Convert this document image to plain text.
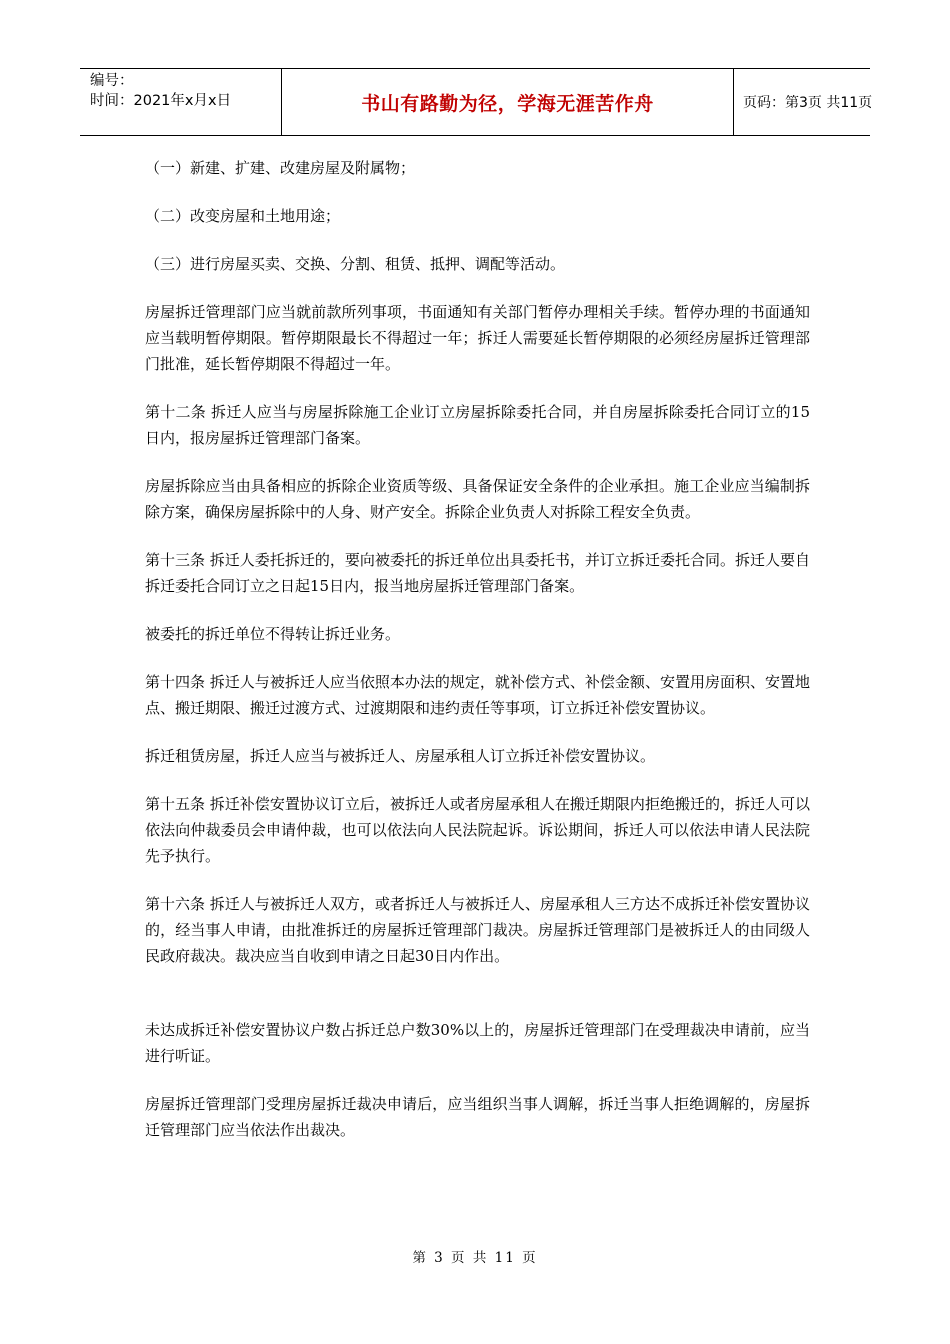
编号：
时间：2021年x月x日	书山有路勤为径，学海无涯苦作舟	页码：第3页 共11页

（一）新建、扩建、改建房屋及附属物；

（二）改变房屋和土地用途；

（三）进行房屋买卖、交换、分割、租赁、抵押、调配等活动。

房屋拆迁管理部门应当就前款所列事项，书面通知有关部门暂停办理相关手续。暂停办理的书面通知应当载明暂停期限。暂停期限最长不得超过一年；拆迁人需要延长暂停期限的必须经房屋拆迁管理部门批准，延长暂停期限不得超过一年。

第十二条 拆迁人应当与房屋拆除施工企业订立房屋拆除委托合同，并自房屋拆除委托合同订立的15日内，报房屋拆迁管理部门备案。

房屋拆除应当由具备相应的拆除企业资质等级、具备保证安全条件的企业承担。施工企业应当编制拆除方案，确保房屋拆除中的人身、财产安全。拆除企业负责人对拆除工程安全负责。

第十三条 拆迁人委托拆迁的，要向被委托的拆迁单位出具委托书，并订立拆迁委托合同。拆迁人要自拆迁委托合同订立之日起15日内，报当地房屋拆迁管理部门备案。

被委托的拆迁单位不得转让拆迁业务。

第十四条 拆迁人与被拆迁人应当依照本办法的规定，就补偿方式、补偿金额、安置用房面积、安置地点、搬迁期限、搬迁过渡方式、过渡期限和违约责任等事项，订立拆迁补偿安置协议。

拆迁租赁房屋，拆迁人应当与被拆迁人、房屋承租人订立拆迁补偿安置协议。

第十五条 拆迁补偿安置协议订立后，被拆迁人或者房屋承租人在搬迁期限内拒绝搬迁的，拆迁人可以依法向仲裁委员会申请仲裁，也可以依法向人民法院起诉。诉讼期间，拆迁人可以依法申请人民法院先予执行。

第十六条 拆迁人与被拆迁人双方，或者拆迁人与被拆迁人、房屋承租人三方达不成拆迁补偿安置协议的，经当事人申请，由批准拆迁的房屋拆迁管理部门裁决。房屋拆迁管理部门是被拆迁人的由同级人民政府裁决。裁决应当自收到申请之日起30日内作出。

未达成拆迁补偿安置协议户数占拆迁总户数30%以上的，房屋拆迁管理部门在受理裁决申请前，应当进行听证。

房屋拆迁管理部门受理房屋拆迁裁决申请后，应当组织当事人调解，拆迁当事人拒绝调解的，房屋拆迁管理部门应当依法作出裁决。

第 3 页 共 11 页
